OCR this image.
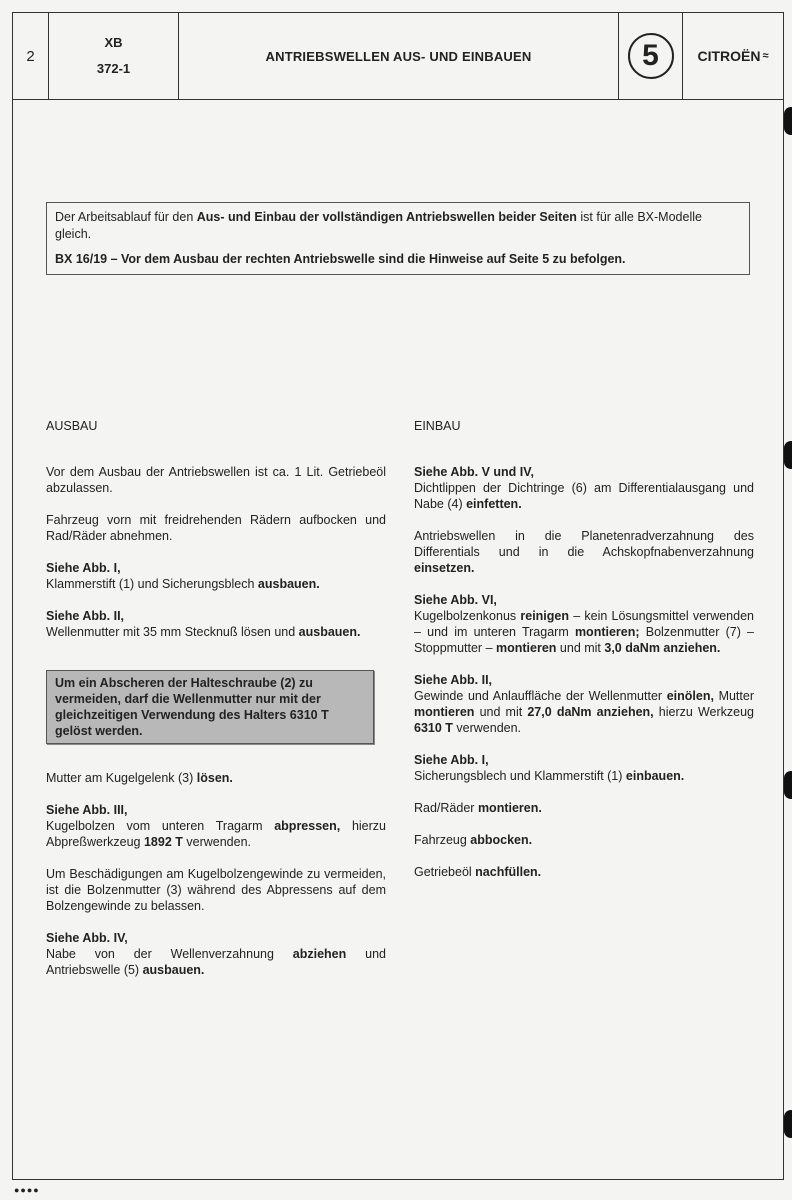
2
XB
372-1
ANTRIEBSWELLEN AUS- UND EINBAUEN	5	CITROËN ≈

Der Arbeitsablauf für den Aus- und Einbau der vollständigen Antriebswellen beider Seiten ist für alle BX-Modelle gleich.

BX 16/19 – Vor dem Ausbau der rechten Antriebswelle sind die Hinweise auf Seite 5 zu befolgen.

AUSBAU

Vor dem Ausbau der Antriebswellen ist ca. 1 Lit. Getriebeöl abzulassen.

Fahrzeug vorn mit freidrehenden Rädern aufbocken und Rad/Räder abnehmen.

Siehe Abb. I,
Klammerstift (1) und Sicherungsblech ausbauen.

Siehe Abb. II,
Wellenmutter mit 35 mm Stecknuß lösen und ausbauen.

Um ein Abscheren der Halteschraube (2) zu vermeiden, darf die Wellenmutter nur mit der gleichzeitigen Verwendung des Halters 6310 T gelöst werden.

Mutter am Kugelgelenk (3) lösen.

Siehe Abb. III,
Kugelbolzen vom unteren Tragarm abpressen, hierzu Abpreßwerkzeug 1892 T verwenden.

Um Beschädigungen am Kugelbolzengewinde zu vermeiden, ist die Bolzenmutter (3) während des Abpressens auf dem Bolzengewinde zu belassen.

Siehe Abb. IV,
Nabe von der Wellenverzahnung abziehen und Antriebswelle (5) ausbauen.

EINBAU

Siehe Abb. V und IV,
Dichtlippen der Dichtringe (6) am Differentialausgang und Nabe (4) einfetten.

Antriebswellen in die Planetenradverzahnung des Differentials und in die Achskopfnabenverzahnung einsetzen.

Siehe Abb. VI,
Kugelbolzenkonus reinigen – kein Lösungsmittel verwenden – und im unteren Tragarm montieren; Bolzenmutter (7) – Stoppmutter – montieren und mit 3,0 daNm anziehen.

Siehe Abb. II,
Gewinde und Anlauffläche der Wellenmutter einölen, Mutter montieren und mit 27,0 daNm anziehen, hierzu Werkzeug 6310 T verwenden.

Siehe Abb. I,
Sicherungsblech und Klammerstift (1) einbauen.

Rad/Räder montieren.

Fahrzeug abbocken.

Getriebeöl nachfüllen.

●●●●
